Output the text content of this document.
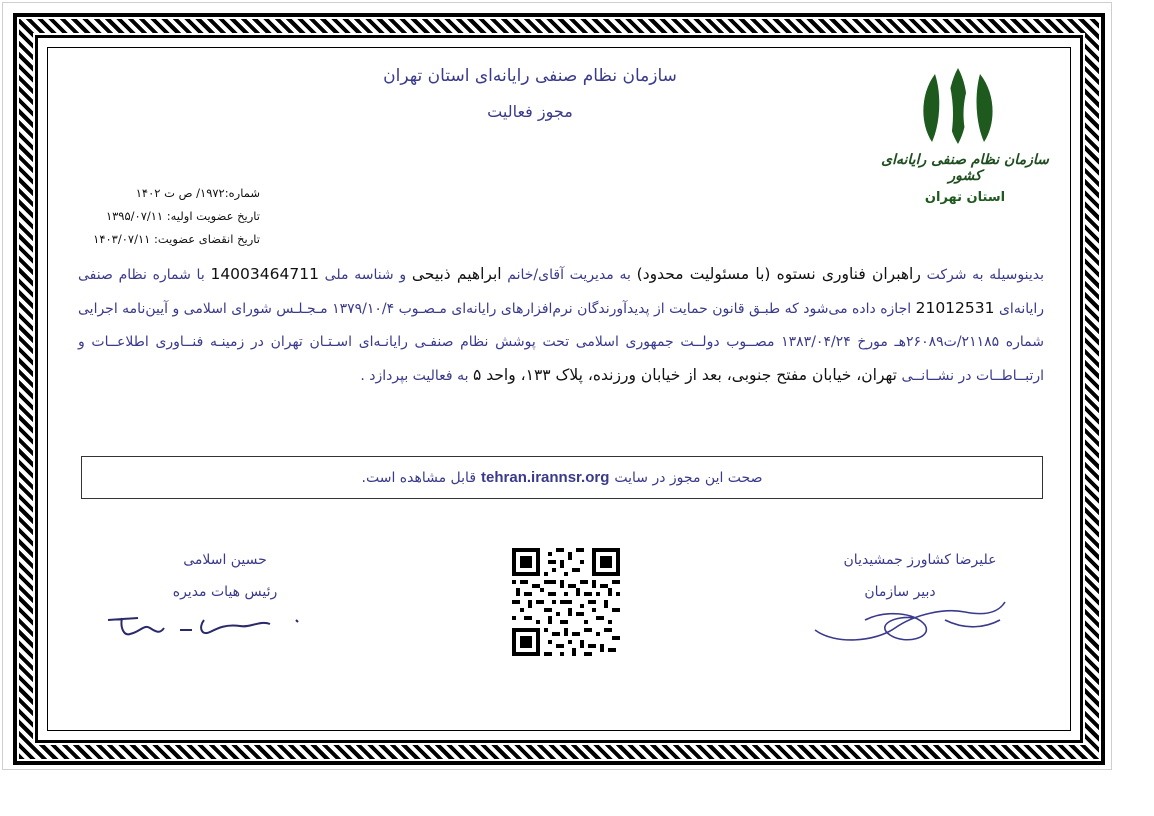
سازمان نظام صنفی رایانه‌ای استان تهران
مجوز فعالیت
سازمان نظام صنفی رایانه‌ای کشور
استان تهران
شماره:۱۹۷۲/ ص ت ۱۴۰۲
تاریخ عضویت اولیه: ۱۳۹۵/۰۷/۱۱
تاریخ انقضای عضویت: ۱۴۰۳/۰۷/۱۱
بدینوسیله به شرکت راهبران فناوری نستوه (با مسئولیت محدود) به مدیریت آقای/خانم ابراهیم ذبیحی و شناسه ملی 14003464711 با شماره نظام صنفی رایانه‌ای 21012531 اجازه داده می‌شود که طبـق قانون حمایت از پدیدآورندگان نرم‌افزارهای رایانه‌ای مـصـوب ۱۳۷۹/۱۰/۴ مـجـلـس شورای اسلامی و آیین‌نامه اجرایی شماره ۲۱۱۸۵/ت۲۶۰۸۹هـ مورخ ۱۳۸۳/۰۴/۲۴ مصــوب دولــت جمهوری اسلامی تحت پوشش نظام صنفـی رایانـه‌ای اسـتـان تهران در زمینـه فنــاوری اطلاعــات و ارتبــاطــات در نشــانــی تهران، خیابان مفتح جنوبی، بعد از خیابان ورزنده، پلاک ۱۳۳، واحد ۵ به فعالیت بپردازد .
صحت این مجوز در سایت
tehran.irannsr.org
قابل مشاهده است.
علیرضا کشاورز جمشیدیان
دبیر سازمان
حسین اسلامی
رئیس هیات مدیره
